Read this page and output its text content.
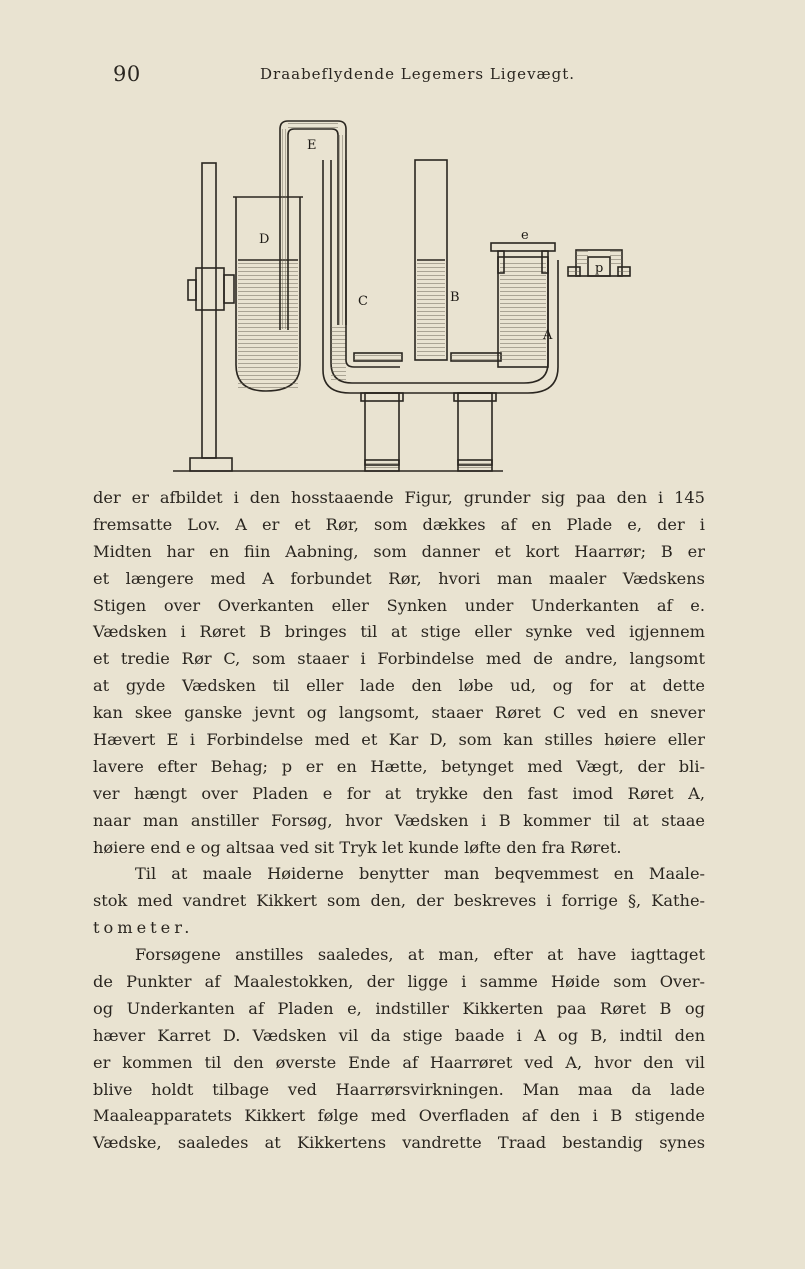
90	Draabeflydende Legemers Ligevægt.
E
D
C	B
A
e
p
der er afbildet i den hosstaaende Figur, grunder sig paa den i 145
fremsatte Lov. A er et Rør, som dækkes af en Plade e, der i
Midten har en fiin Aabning, som danner et kort Haarrør; B er
et længere med A forbundet Rør, hvori man maaler Vædskens
Stigen over Overkanten eller Synken under Underkanten af e.
Vædsken i Røret B bringes til at stige eller synke ved igjennem
et tredie Rør C, som staaer i Forbindelse med de andre, langsomt
at gyde Vædsken til eller lade den løbe ud, og for at dette
kan skee ganske jevnt og langsomt, staaer Røret C ved en snever
Hævert E i Forbindelse med et Kar D, som kan stilles høiere eller
lavere efter Behag; p er en Hætte, betynget med Vægt, der bli-
ver hængt over Pladen e for at trykke den fast imod Røret A,
naar man anstiller Forsøg, hvor Vædsken i B kommer til at staae
høiere end e og altsaa ved sit Tryk let kunde løfte den fra Røret.
Til at maale Høiderne benytter man beqvemmest en Maale-
stok med vandret Kikkert som den, der beskreves i forrige §, Kathe-
tometer.
Forsøgene anstilles saaledes, at man, efter at have iagttaget
de Punkter af Maalestokken, der ligge i samme Høide som Over-
og Underkanten af Pladen e, indstiller Kikkerten paa Røret B og
hæver Karret D. Vædsken vil da stige baade i A og B, indtil den
er kommen til den øverste Ende af Haarrøret ved A, hvor den vil
blive holdt tilbage ved Haarrørsvirkningen. Man maa da lade
Maaleapparatets Kikkert følge med Overfladen af den i B stigende
Vædske, saaledes at Kikkertens vandrette Traad bestandig synes
